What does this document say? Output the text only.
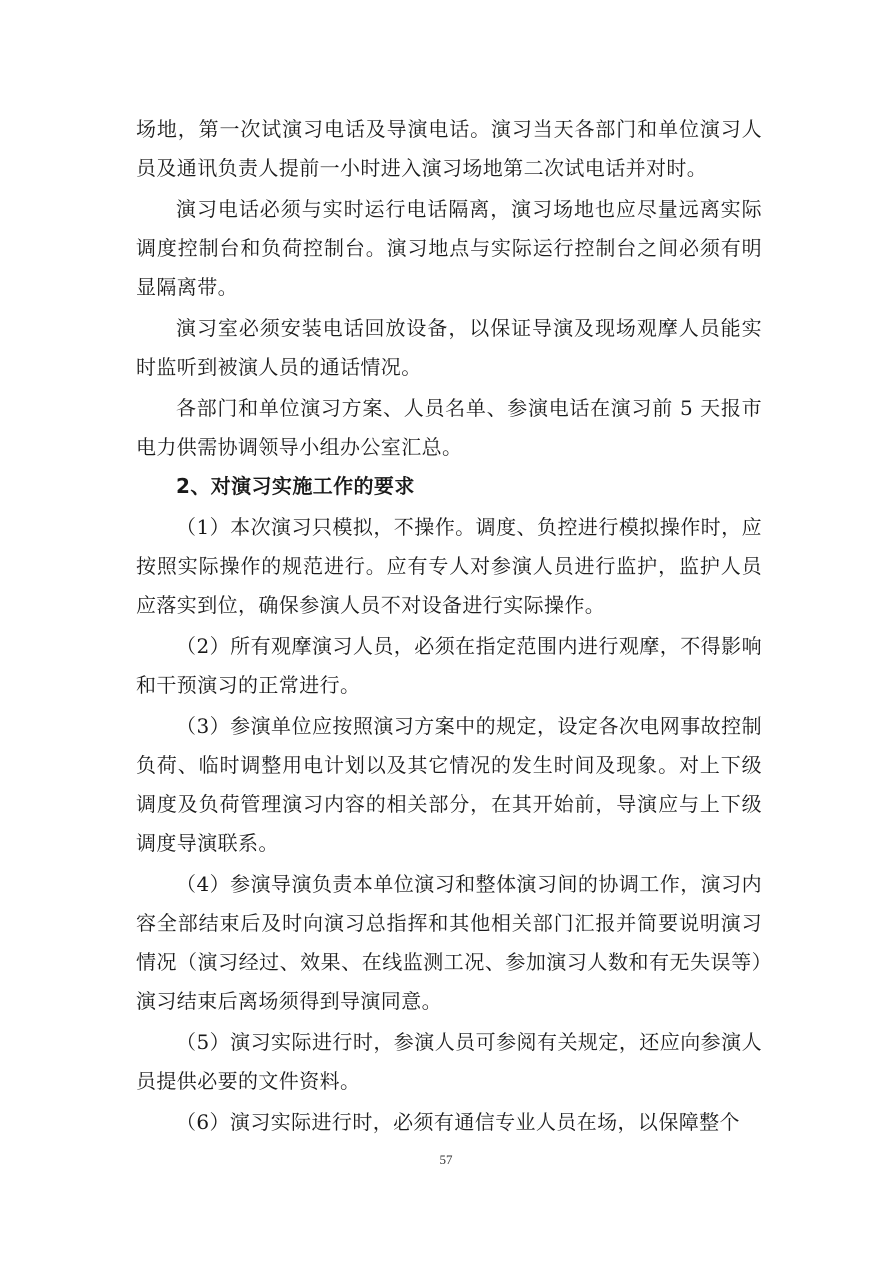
场地，第一次试演习电话及导演电话。演习当天各部门和单位演习人员及通讯负责人提前一小时进入演习场地第二次试电话并对时。

演习电话必须与实时运行电话隔离，演习场地也应尽量远离实际调度控制台和负荷控制台。演习地点与实际运行控制台之间必须有明显隔离带。

演习室必须安装电话回放设备，以保证导演及现场观摩人员能实时监听到被演人员的通话情况。

各部门和单位演习方案、人员名单、参演电话在演习前 5 天报市电力供需协调领导小组办公室汇总。

2、对演习实施工作的要求

（1）本次演习只模拟，不操作。调度、负控进行模拟操作时，应按照实际操作的规范进行。应有专人对参演人员进行监护，监护人员应落实到位，确保参演人员不对设备进行实际操作。

（2）所有观摩演习人员，必须在指定范围内进行观摩，不得影响和干预演习的正常进行。

（3）参演单位应按照演习方案中的规定，设定各次电网事故控制负荷、临时调整用电计划以及其它情况的发生时间及现象。对上下级调度及负荷管理演习内容的相关部分，在其开始前，导演应与上下级调度导演联系。

（4）参演导演负责本单位演习和整体演习间的协调工作，演习内容全部结束后及时向演习总指挥和其他相关部门汇报并简要说明演习情况（演习经过、效果、在线监测工况、参加演习人数和有无失误等）演习结束后离场须得到导演同意。

（5）演习实际进行时，参演人员可参阅有关规定，还应向参演人员提供必要的文件资料。

（6）演习实际进行时，必须有通信专业人员在场，以保障整个

57
